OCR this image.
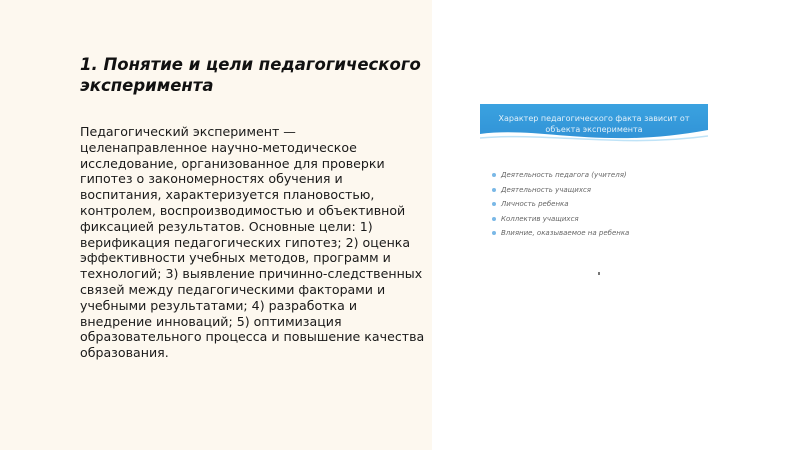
1. Понятие и цели педагогического эксперимента

Педагогический эксперимент — целенаправленное научно-методическое исследование, организованное для проверки гипотез о закономерностях обучения и воспитания, характеризуется плановостью, контролем, воспроизводимостью и объективной фиксацией результатов. Основные цели: 1) верификация педагогических гипотез; 2) оценка эффективности учебных методов, программ и технологий; 3) выявление причинно-следственных связей между педагогическими факторами и учебными результатами; 4) разработка и внедрение инноваций; 5) оптимизация образовательного процесса и повышение качества образования.

Характер педагогического факта зависит от объекта эксперимента
Деятельность педагога (учителя)
Деятельность учащихся
Личность ребенка
Коллектив учащихся
Влияние, оказываемое на ребенка
